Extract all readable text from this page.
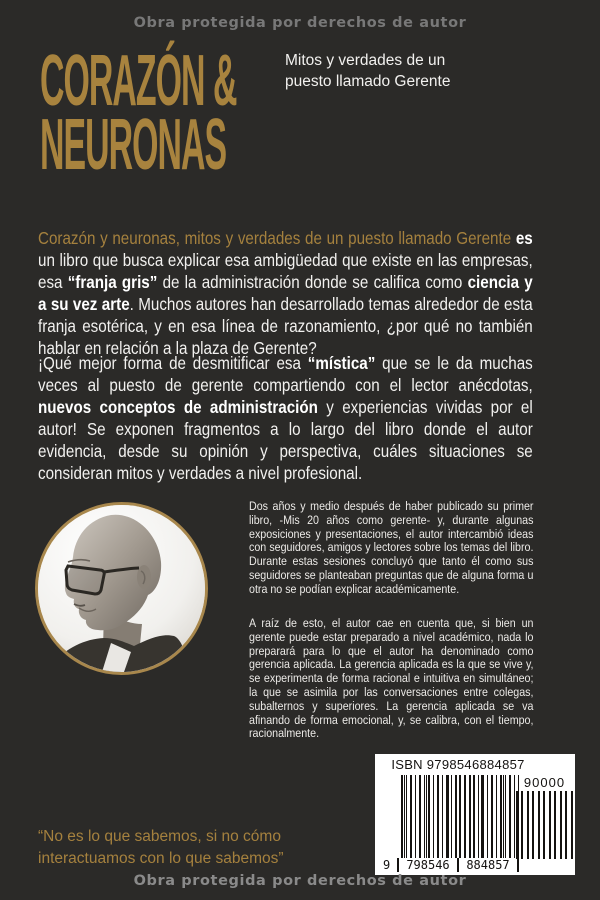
Obra protegida por derechos de autor
CORAZÓN &
NEURONAS
Mitos y verdades de un puesto llamado Gerente

Corazón y neuronas, mitos y verdades de un puesto llamado Gerente es un libro que busca explicar esa ambigüedad que existe en las empresas, esa “franja gris” de la administración donde se califica como ciencia y a su vez arte. Muchos autores han desarrollado temas alrededor de esta franja esotérica, y en esa línea de razonamiento, ¿por qué no también hablar en relación a la plaza de Gerente?

¡Qué mejor forma de desmitificar esa “mística” que se le da muchas veces al puesto de gerente compartiendo con el lector anécdotas, nuevos conceptos de administración y experiencias vividas por el autor! Se exponen fragmentos a lo largo del libro donde el autor evidencia, desde su opinión y perspectiva, cuáles situaciones se consideran mitos y verdades a nivel profesional.

Dos años y medio después de haber publicado su primer libro, -Mis 20 años como gerente- y, durante algunas exposiciones y presentaciones, el autor intercambió ideas con seguidores, amigos y lectores sobre los temas del libro. Durante estas sesiones concluyó que tanto él como sus seguidores se planteaban preguntas que de alguna forma u otra no se podían explicar académicamente.

A raíz de esto, el autor cae en cuenta que, si bien un gerente puede estar preparado a nivel académico, nada lo preparará para lo que el autor ha denominado como gerencia aplicada. La gerencia aplicada es la que se vive y, se experimenta de forma racional e intuitiva en simultáneo; la que se asimila por las conversaciones entre colegas, subalternos y superiores. La gerencia aplicada se va afinando de forma emocional, y, se calibra, con el tiempo, racionalmente.

ISBN 9798546884857
9	798546	884857
90000
“No es lo que sabemos, si no cómo interactuamos con lo que sabemos”
Obra protegida por derechos de autor
